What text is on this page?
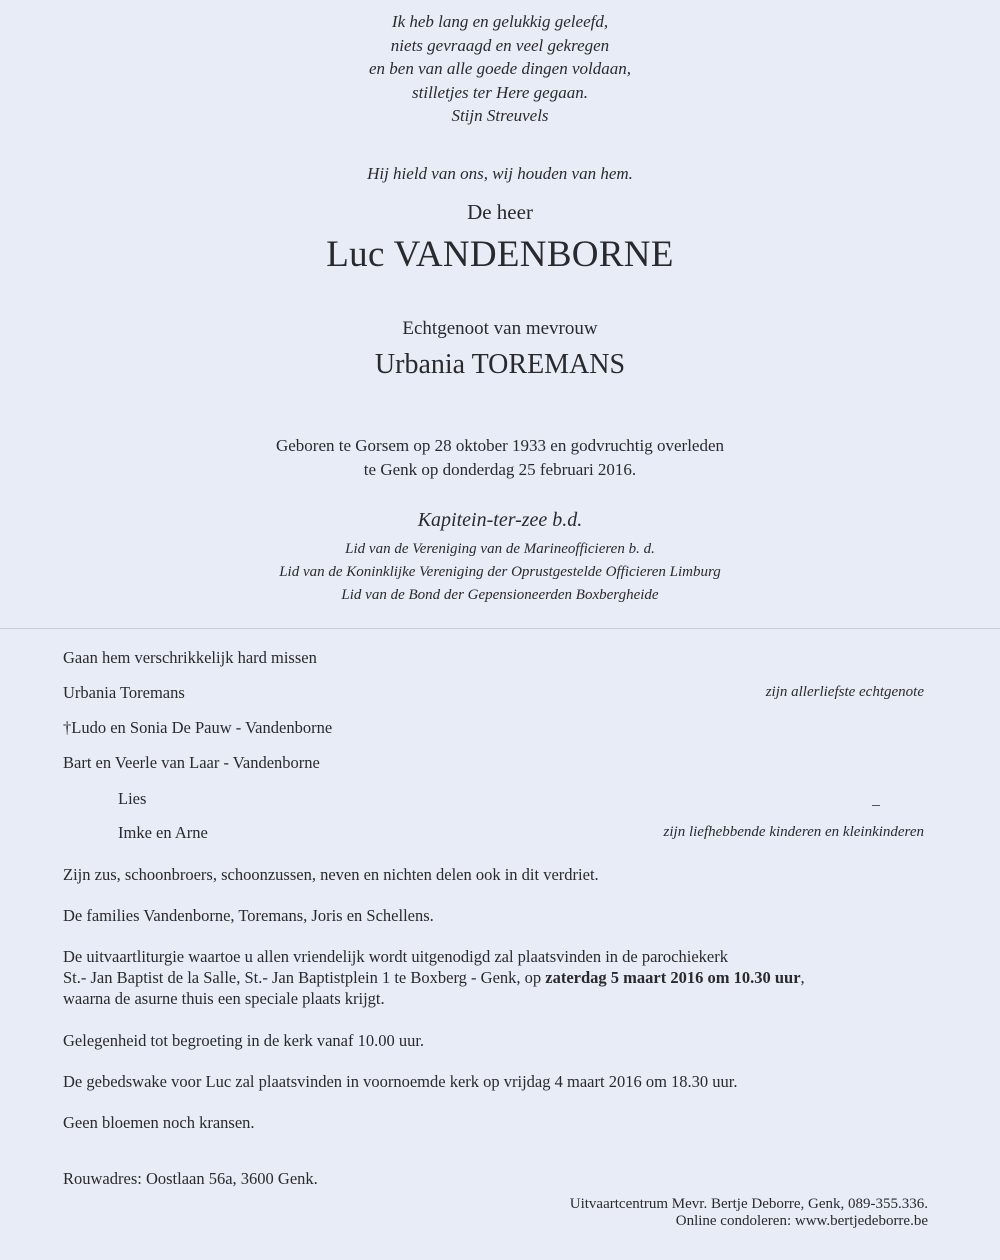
Ik heb lang en gelukkig geleefd,
niets gevraagd en veel gekregen
en ben van alle goede dingen voldaan,
stilletjes ter Here gegaan.
Stijn Streuvels
Hij hield van ons, wij houden van hem.
De heer
Luc VANDENBORNE
Echtgenoot van mevrouw
Urbania TOREMANS
Geboren te Gorsem op 28 oktober 1933 en godvruchtig overleden
te Genk op donderdag 25 februari 2016.
Kapitein-ter-zee b.d.
Lid van de Vereniging van de Marineofficieren b. d.
Lid van de Koninklijke Vereniging der Oprustgestelde Officieren Limburg
Lid van de Bond der Gepensioneerden Boxbergheide
Gaan hem verschrikkelijk hard missen
Urbania Toremans	zijn allerliefste echtgenote
†Ludo en Sonia De Pauw - Vandenborne
Bart en Veerle van Laar - Vandenborne
Lies
Imke en Arne	zijn liefhebbende kinderen en kleinkinderen
Zijn zus, schoonbroers, schoonzussen, neven en nichten delen ook in dit verdriet.
De families Vandenborne, Toremans, Joris en Schellens.
De uitvaartliturgie waartoe u allen vriendelijk wordt uitgenodigd zal plaatsvinden in de parochiekerk
St.- Jan Baptist de la Salle, St.- Jan Baptistplein 1 te Boxberg - Genk, op zaterdag 5 maart 2016 om 10.30 uur,
waarna de asurne thuis een speciale plaats krijgt.
Gelegenheid tot begroeting in de kerk vanaf 10.00 uur.
De gebedswake voor Luc zal plaatsvinden in voornoemde kerk op vrijdag 4 maart 2016 om 18.30 uur.
Geen bloemen noch kransen.
Rouwadres: Oostlaan 56a, 3600 Genk.
Uitvaartcentrum Mevr. Bertje Deborre, Genk, 089-355.336.
Online condoleren: www.bertjedeborre.be
